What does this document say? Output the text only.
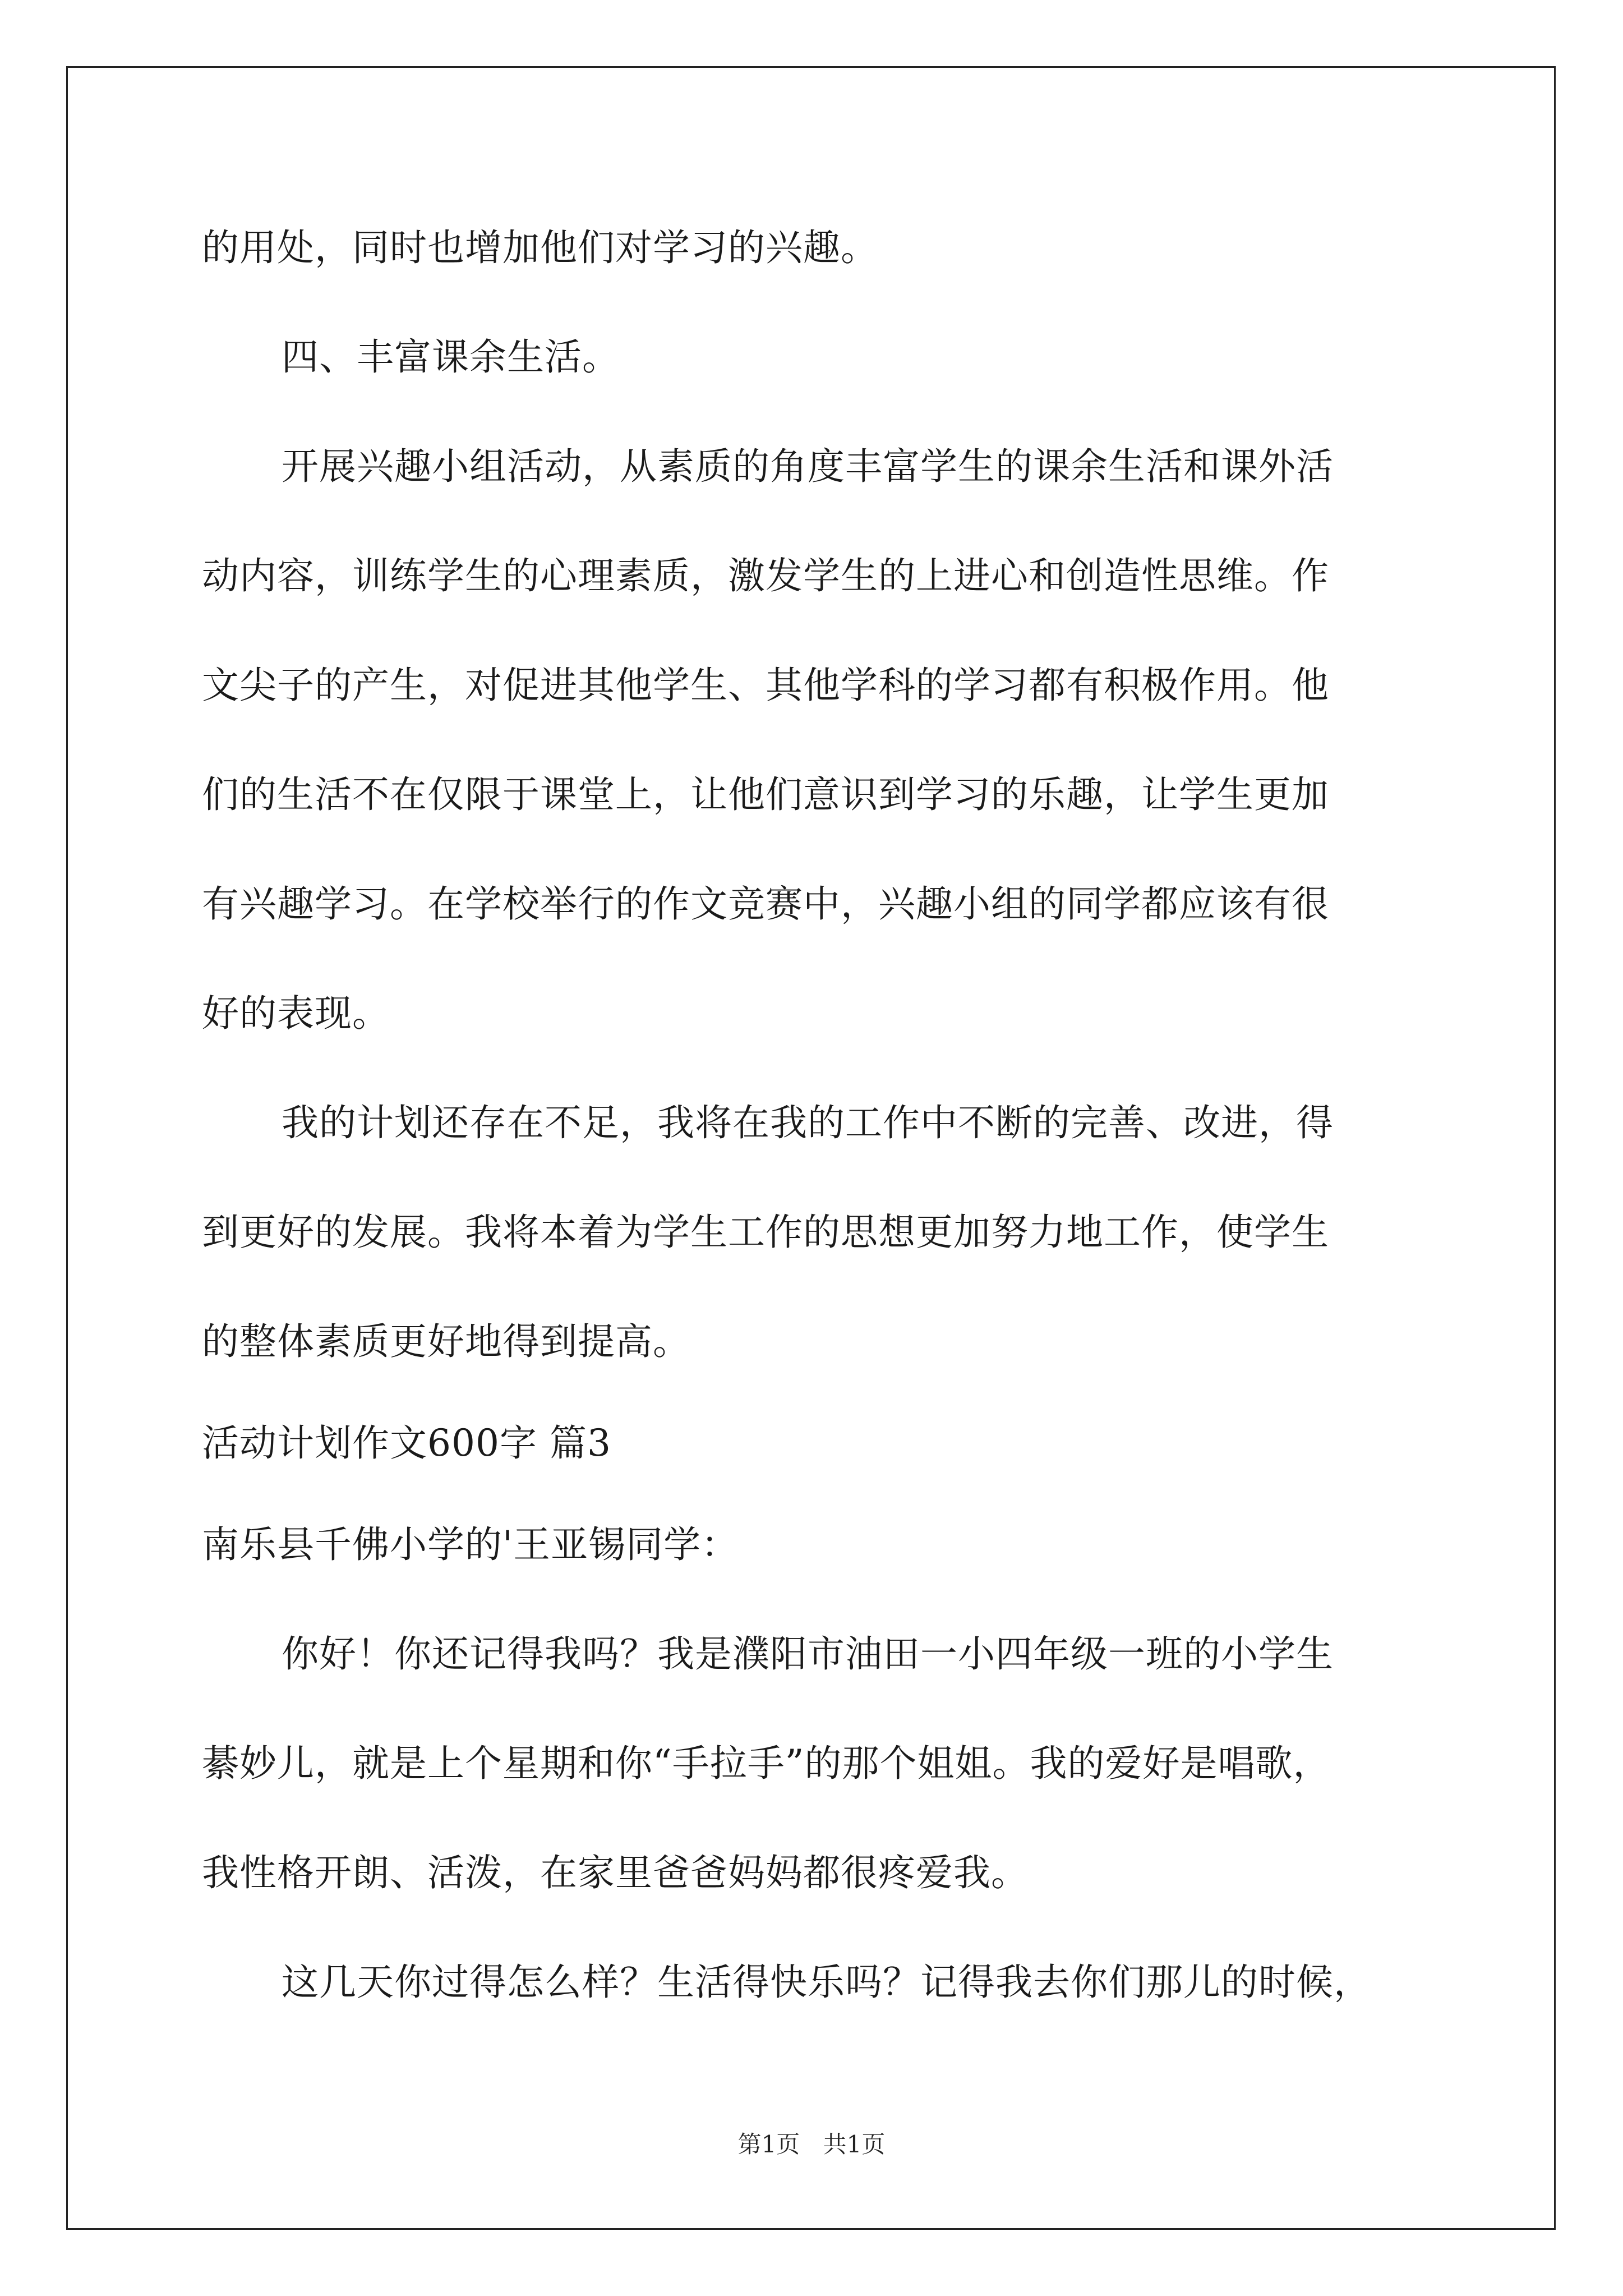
的用处，同时也增加他们对学习的兴趣。
四、丰富课余生活。
开展兴趣小组活动，从素质的角度丰富学生的课余生活和课外活
动内容，训练学生的心理素质，激发学生的上进心和创造性思维。作
文尖子的产生，对促进其他学生、其他学科的学习都有积极作用。他
们的生活不在仅限于课堂上，让他们意识到学习的乐趣，让学生更加
有兴趣学习。在学校举行的作文竞赛中，兴趣小组的同学都应该有很
好的表现。
我的计划还存在不足，我将在我的工作中不断的完善、改进，得
到更好的发展。我将本着为学生工作的思想更加努力地工作，使学生
的整体素质更好地得到提高。
活动计划作文600字 篇3
南乐县千佛小学的'王亚锡同学：
你好！你还记得我吗？我是濮阳市油田一小四年级一班的小学生
綦妙儿，就是上个星期和你“手拉手”的那个姐姐。我的爱好是唱歌，
我性格开朗、活泼，在家里爸爸妈妈都很疼爱我。
这几天你过得怎么样？生活得快乐吗？记得我去你们那儿的时候，
第1页 共1页
